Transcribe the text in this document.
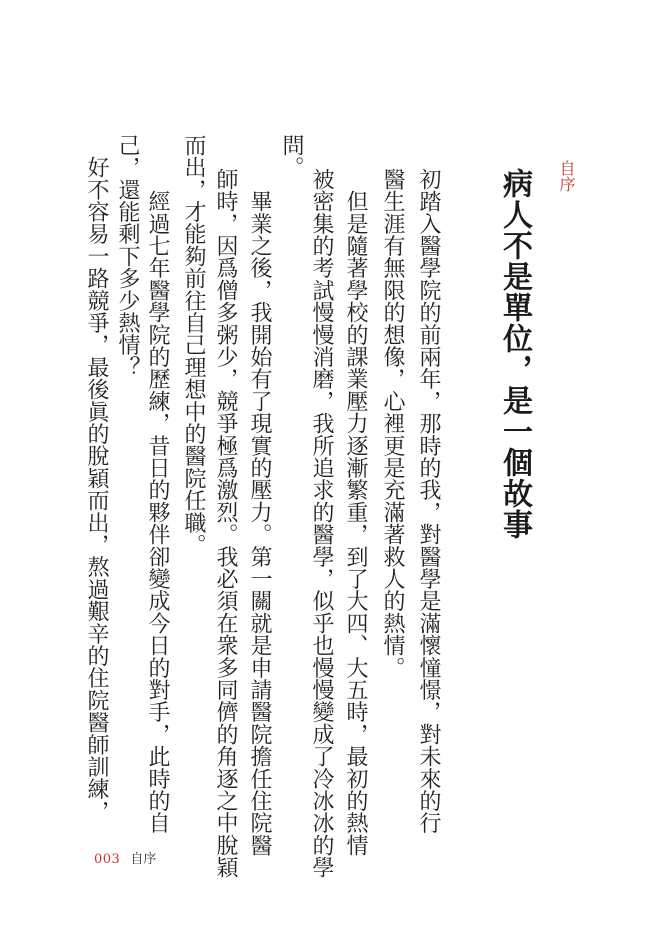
自序
病人不是單位，是一個故事
初踏入醫學院的前兩年，那時的我，對醫學是滿懷憧憬，對未來的行
醫生涯有無限的想像，心裡更是充滿著救人的熱情。
　但是隨著學校的課業壓力逐漸繁重，到了大四、大五時，最初的熱情
被密集的考試慢慢消磨，我所追求的醫學，似乎也慢慢變成了冷冰冰的學
問。
　畢業之後，我開始有了現實的壓力。第一關就是申請醫院擔任住院醫
師時，因爲僧多粥少，競爭極爲激烈。我必須在衆多同儕的角逐之中脫穎
而出，才能夠前往自己理想中的醫院任職。
　經過七年醫學院的歷練，昔日的夥伴卻變成今日的對手，此時的自
己，還能剩下多少熱情？
　好不容易一路競爭，最後眞的脫穎而出，熬過艱辛的住院醫師訓練，
003 自序
